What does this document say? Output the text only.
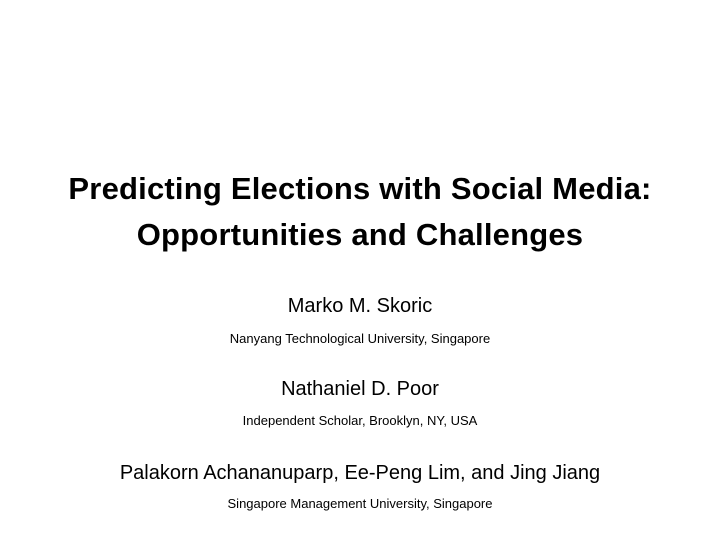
Predicting Elections with Social Media:
Opportunities and Challenges
Marko M. Skoric
Nanyang Technological University, Singapore
Nathaniel D. Poor
Independent Scholar, Brooklyn, NY, USA
Palakorn Achananuparp, Ee-Peng Lim, and Jing Jiang
Singapore Management University, Singapore
